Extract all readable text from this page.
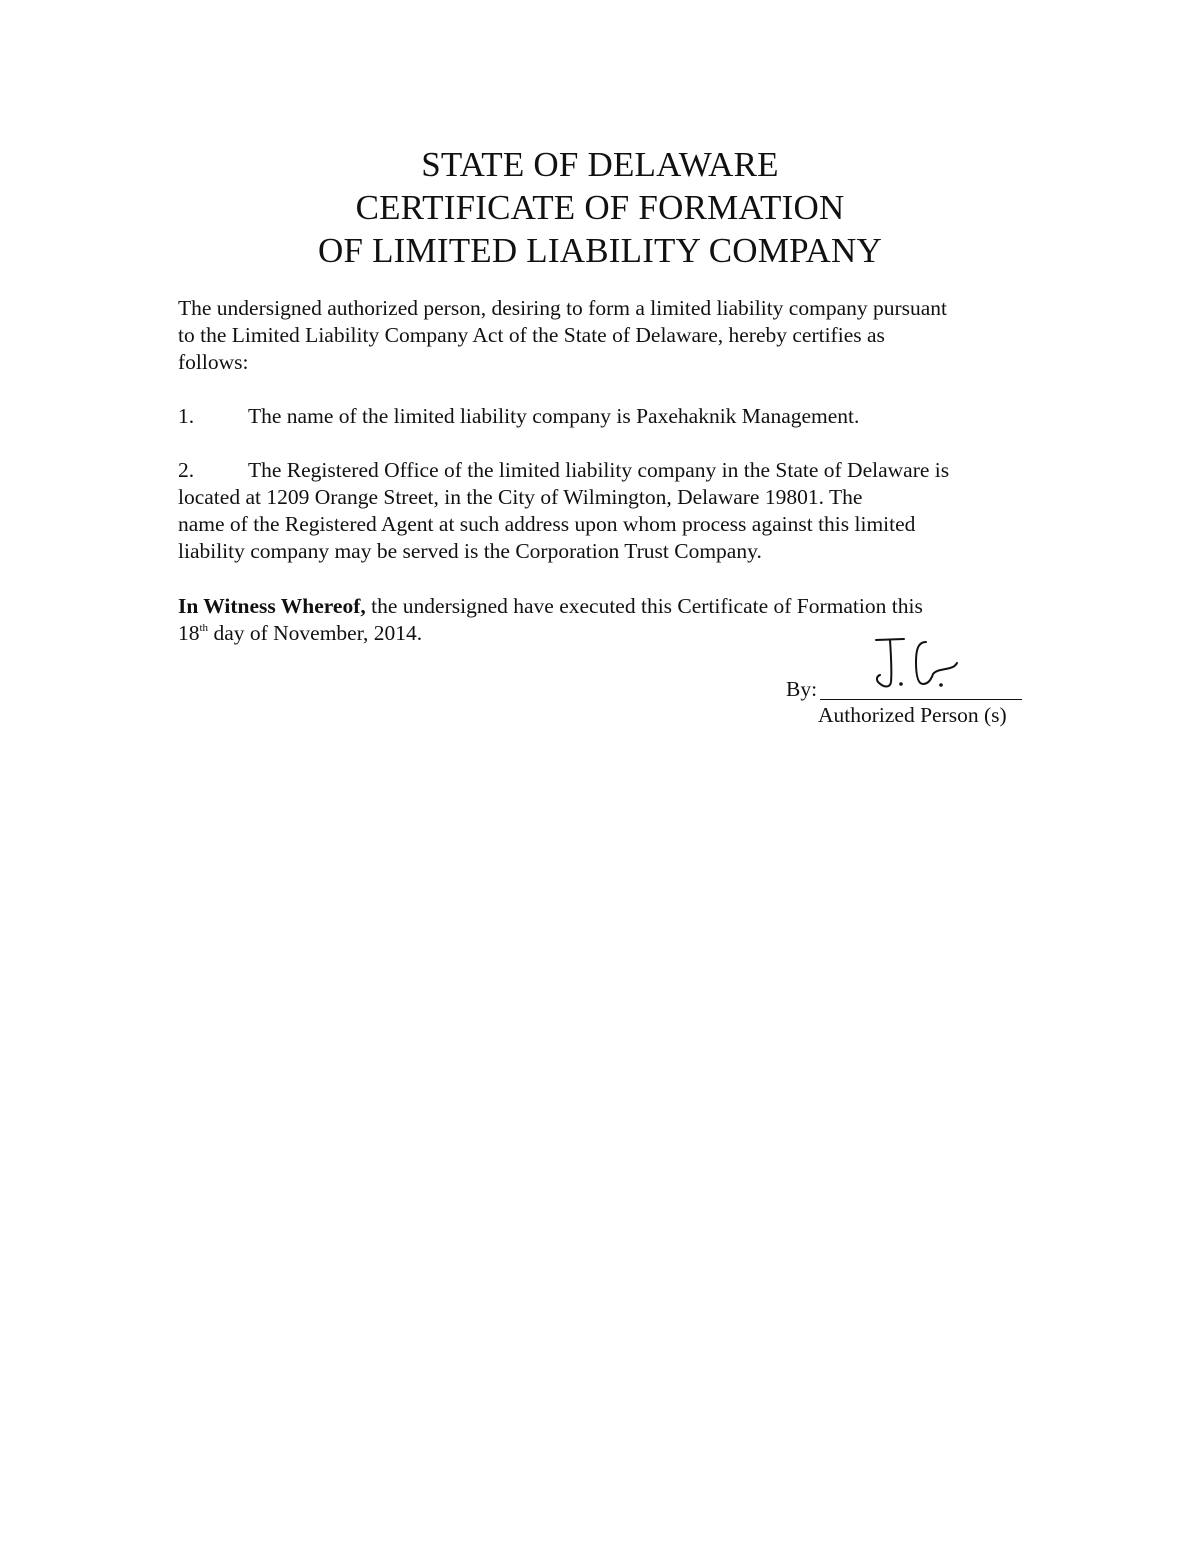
STATE OF DELAWARE
CERTIFICATE OF FORMATION
OF LIMITED LIABILITY COMPANY
The undersigned authorized person, desiring to form a limited liability company pursuant
to the Limited Liability Company Act of the State of Delaware, hereby certifies as
follows:
1.	The name of the limited liability company is Paxehaknik Management.
2.	The Registered Office of the limited liability company in the State of Delaware is
located at 1209 Orange Street, in the City of Wilmington, Delaware 19801. The
name of the Registered Agent at such address upon whom process against this limited
liability company may be served is the Corporation Trust Company.
In Witness Whereof, the undersigned have executed this Certificate of Formation this
18th day of November, 2014.
By:
Authorized Person (s)
